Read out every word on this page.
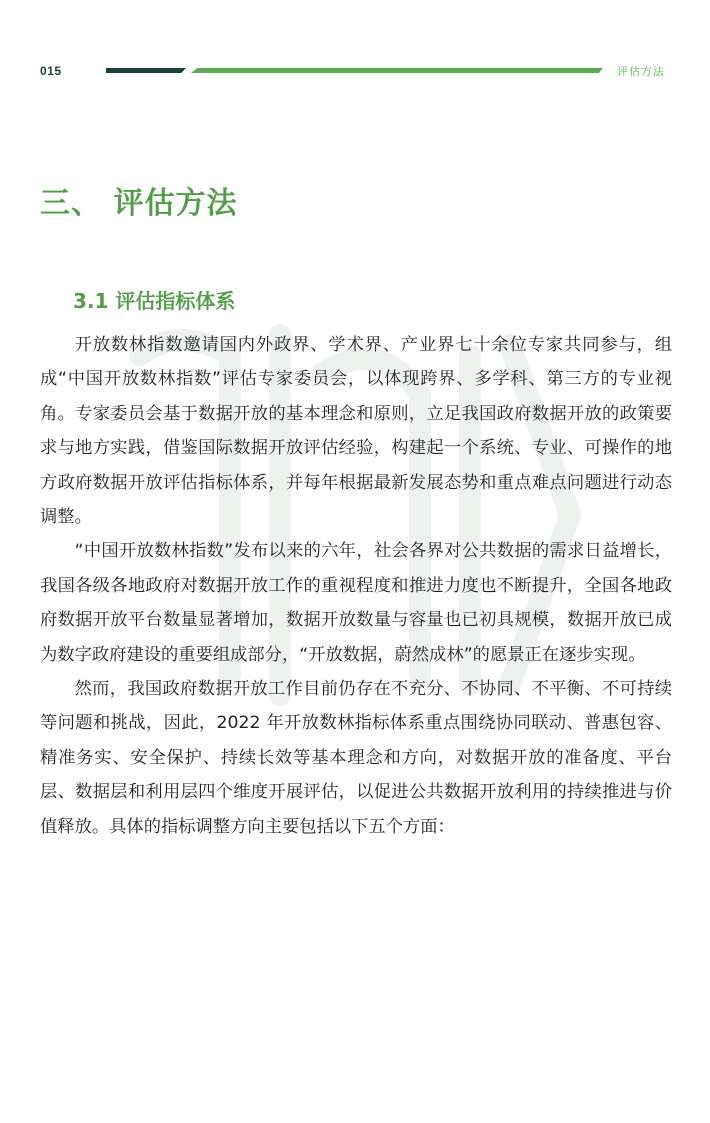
015	评估方法
三、 评估方法
3.1 评估指标体系

开放数林指数邀请国内外政界、学术界、产业界七十余位专家共同参与，组成“中国开放数林指数”评估专家委员会，以体现跨界、多学科、第三方的专业视角。专家委员会基于数据开放的基本理念和原则，立足我国政府数据开放的政策要求与地方实践，借鉴国际数据开放评估经验，构建起一个系统、专业、可操作的地方政府数据开放评估指标体系，并每年根据最新发展态势和重点难点问题进行动态调整。

“中国开放数林指数”发布以来的六年，社会各界对公共数据的需求日益增长，我国各级各地政府对数据开放工作的重视程度和推进力度也不断提升，全国各地政府数据开放平台数量显著增加，数据开放数量与容量也已初具规模，数据开放已成为数字政府建设的重要组成部分，“开放数据，蔚然成林”的愿景正在逐步实现。

然而，我国政府数据开放工作目前仍存在不充分、不协同、不平衡、不可持续等问题和挑战，因此，2022 年开放数林指标体系重点围绕协同联动、普惠包容、精准务实、安全保护、持续长效等基本理念和方向，对数据开放的准备度、平台层、数据层和利用层四个维度开展评估，以促进公共数据开放利用的持续推进与价值释放。具体的指标调整方向主要包括以下五个方面：
